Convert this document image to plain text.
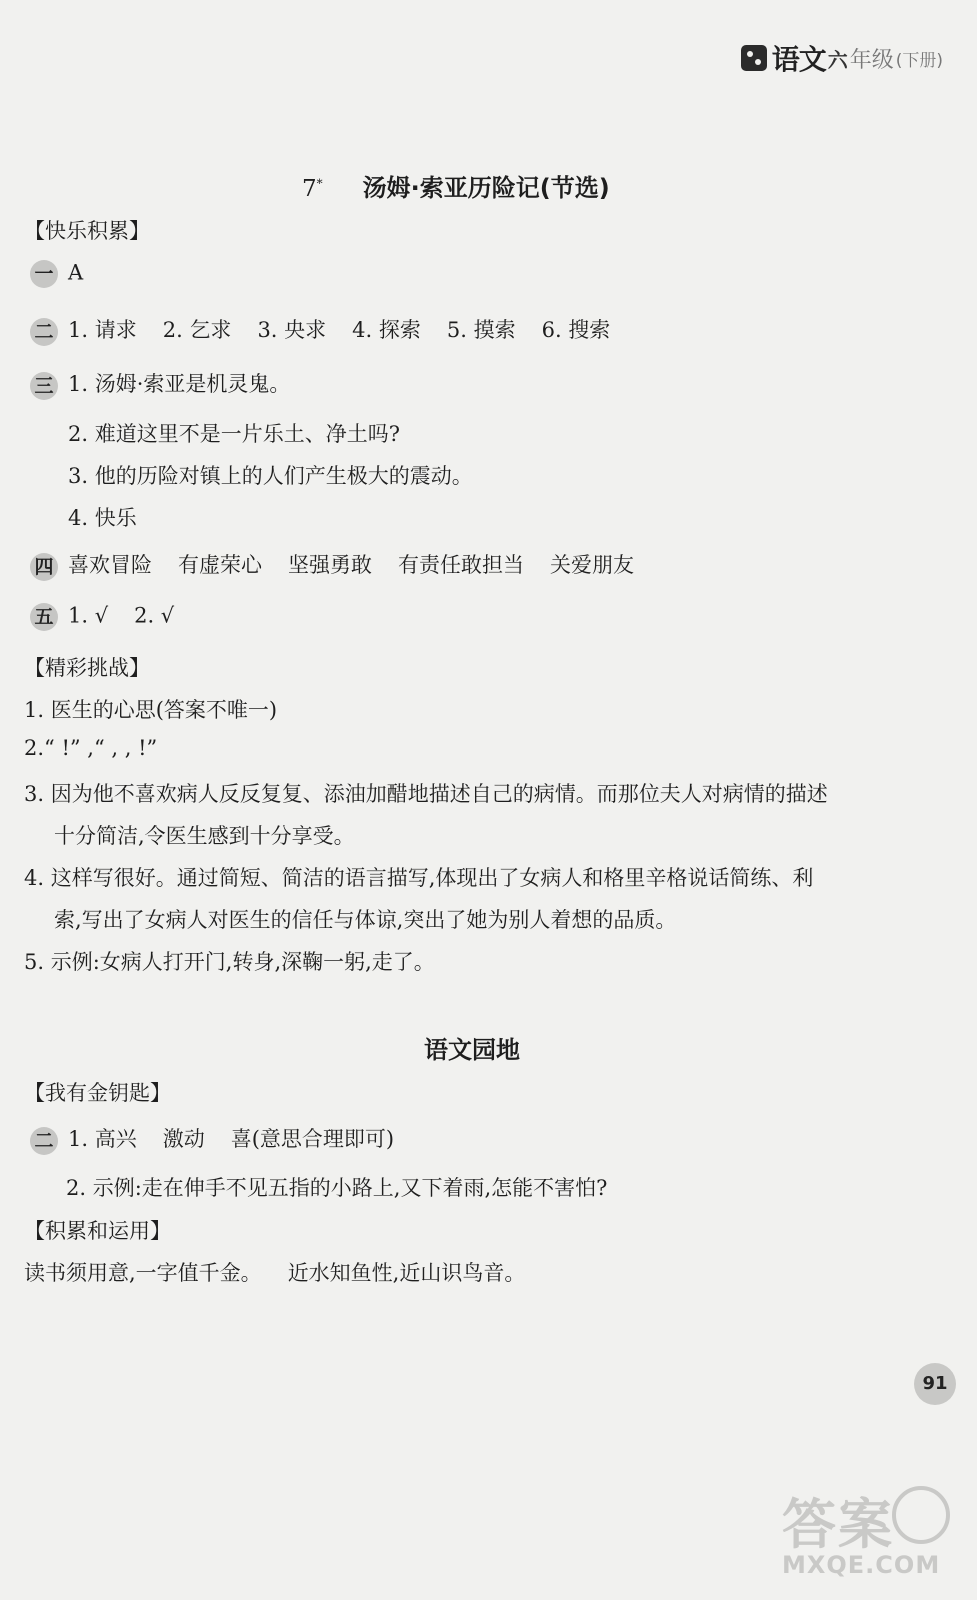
语文 六 年级 (下册)
7* 汤姆·索亚历险记(节选)
【快乐积累】
一 A
二 1. 请求 2. 乞求 3. 央求 4. 探索 5. 摸索 6. 搜索
三 1. 汤姆·索亚是机灵鬼。
2. 难道这里不是一片乐土、净土吗?
3. 他的历险对镇上的人们产生极大的震动。
4. 快乐
四 喜欢冒险 有虚荣心 坚强勇敢 有责任敢担当 关爱朋友
五 1. √ 2. √
【精彩挑战】
1. 医生的心思(答案不唯一)
2.“ !” ,“ , , !”
3. 因为他不喜欢病人反反复复、添油加醋地描述自己的病情。而那位夫人对病情的描述
十分简洁,令医生感到十分享受。
4. 这样写很好。通过简短、简洁的语言描写,体现出了女病人和格里辛格说话简练、利
索,写出了女病人对医生的信任与体谅,突出了她为别人着想的品质。
5. 示例:女病人打开门,转身,深鞠一躬,走了。
语文园地
【我有金钥匙】
二 1. 高兴 激动 喜(意思合理即可)
2. 示例:走在伸手不见五指的小路上,又下着雨,怎能不害怕?
【积累和运用】
读书须用意,一字值千金。 近水知鱼性,近山识鸟音。
91
答案
MXQE.COM
